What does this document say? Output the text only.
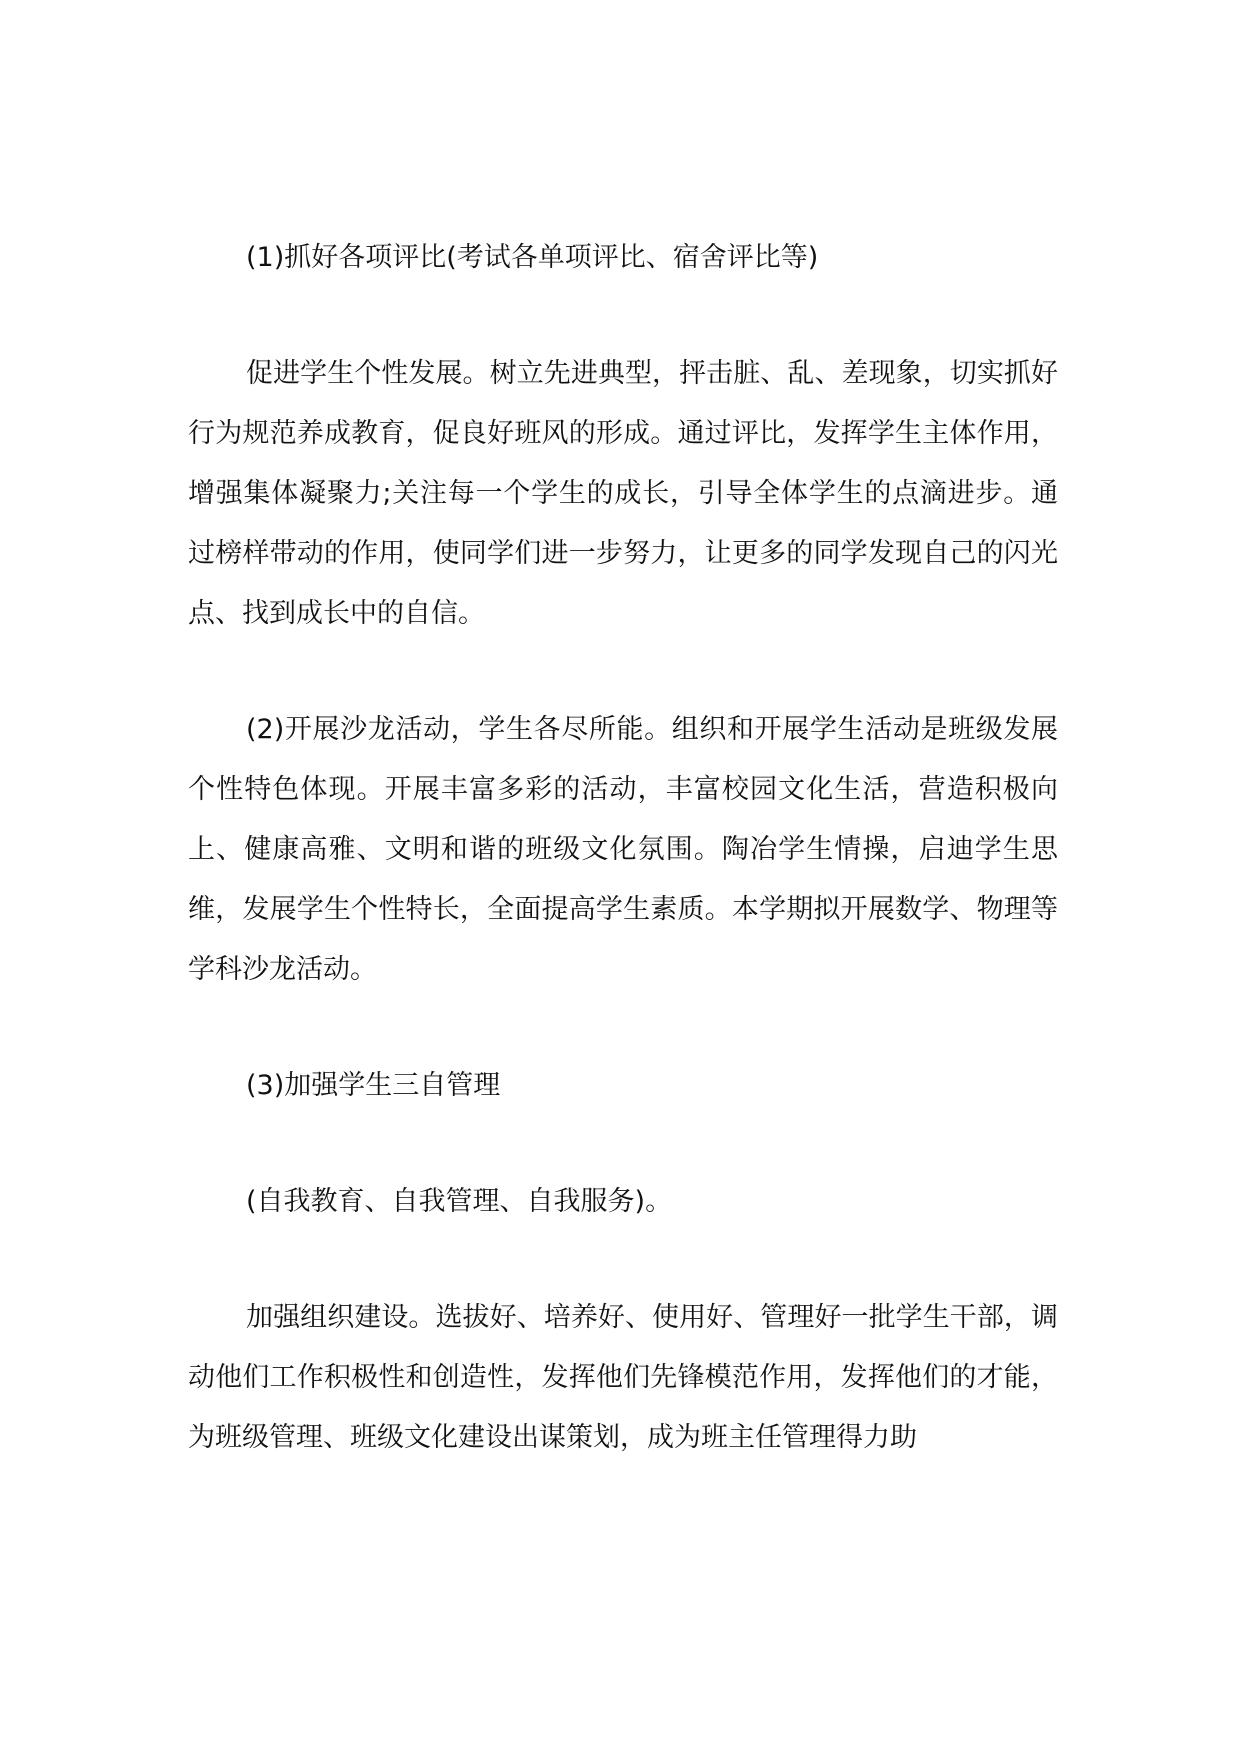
(1)抓好各项评比(考试各单项评比、宿舍评比等)

促进学生个性发展。树立先进典型，抨击脏、乱、差现象，切实抓好行为规范养成教育，促良好班风的形成。通过评比，发挥学生主体作用，增强集体凝聚力;关注每一个学生的成长，引导全体学生的点滴进步。通过榜样带动的作用，使同学们进一步努力，让更多的同学发现自己的闪光点、找到成长中的自信。

(2)开展沙龙活动，学生各尽所能。组织和开展学生活动是班级发展个性特色体现。开展丰富多彩的活动，丰富校园文化生活，营造积极向上、健康高雅、文明和谐的班级文化氛围。陶冶学生情操，启迪学生思维，发展学生个性特长，全面提高学生素质。本学期拟开展数学、物理等学科沙龙活动。

(3)加强学生三自管理

(自我教育、自我管理、自我服务)。

加强组织建设。选拔好、培养好、使用好、管理好一批学生干部，调动他们工作积极性和创造性，发挥他们先锋模范作用，发挥他们的才能，为班级管理、班级文化建设出谋策划，成为班主任管理得力助
